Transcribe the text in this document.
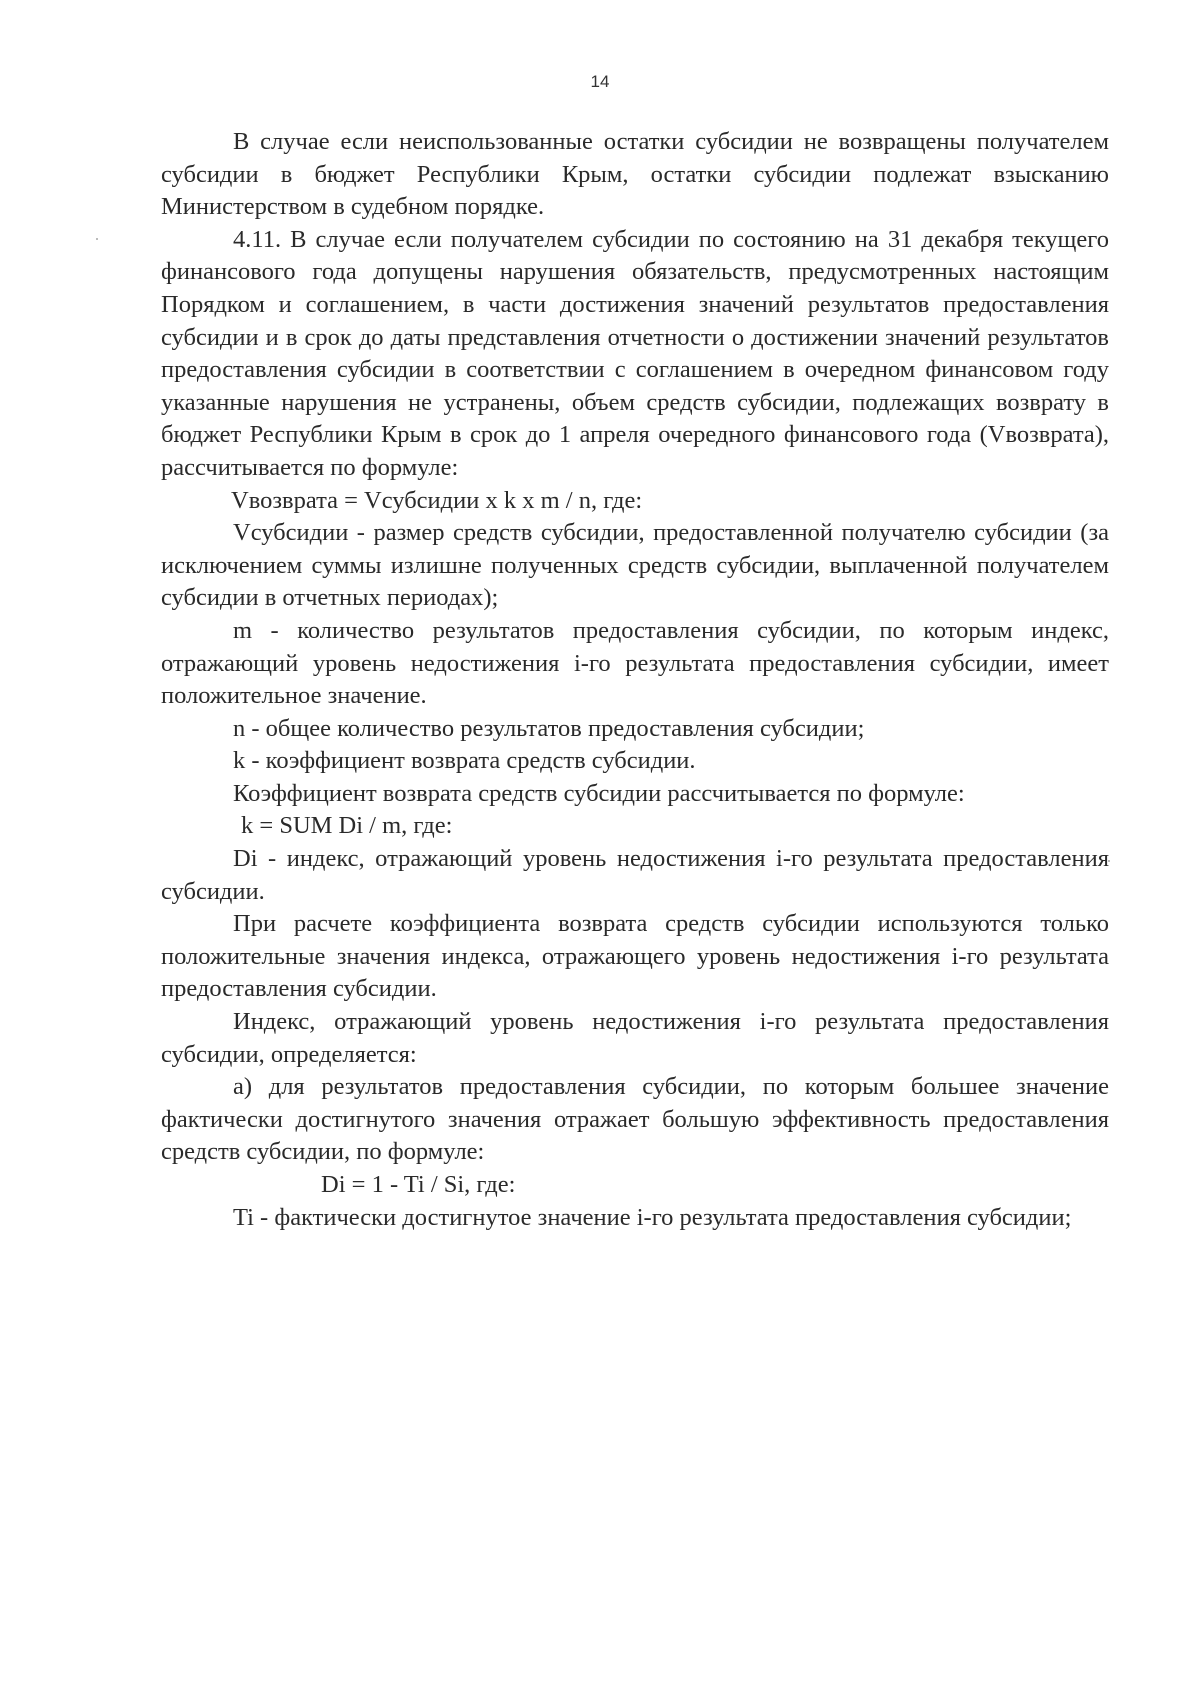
14

В случае если неиспользованные остатки субсидии не возвращены получателем субсидии в бюджет Республики Крым, остатки субсидии подлежат взысканию Министерством в судебном порядке.

4.11. В случае если получателем субсидии по состоянию на 31 декабря текущего финансового года допущены нарушения обязательств, предусмотренных настоящим Порядком и соглашением, в части достижения значений результатов предоставления субсидии и в срок до даты представления отчетности о достижении значений результатов предоставления субсидии в соответствии с соглашением в очередном финансовом году указанные нарушения не устранены, объем средств субсидии, подлежащих возврату в бюджет Республики Крым в срок до 1 апреля очередного финансового года (Vвозврата), рассчитывается по формуле:

Vвозврата = Vсубсидии x k x m / n, где:

Vсубсидии - размер средств субсидии, предоставленной получателю субсидии (за исключением суммы излишне полученных средств субсидии, выплаченной получателем субсидии в отчетных периодах);

m - количество результатов предоставления субсидии, по которым индекс, отражающий уровень недостижения i-го результата предоставления субсидии, имеет положительное значение.

n - общее количество результатов предоставления субсидии;

k - коэффициент возврата средств субсидии.

Коэффициент возврата средств субсидии рассчитывается по формуле:

k = SUM Di / m, где:

Di - индекс, отражающий уровень недостижения i-го результата предоставления субсидии.

При расчете коэффициента возврата средств субсидии используются только положительные значения индекса, отражающего уровень недостижения i-го результата предоставления субсидии.

Индекс, отражающий уровень недостижения i-го результата предоставления субсидии, определяется:

а) для результатов предоставления субсидии, по которым большее значение фактически достигнутого значения отражает большую эффективность предоставления средств субсидии, по формуле:

Di = 1 - Ti / Si, где:

Ti - фактически достигнутое значение i-го результата предоставления субсидии;
